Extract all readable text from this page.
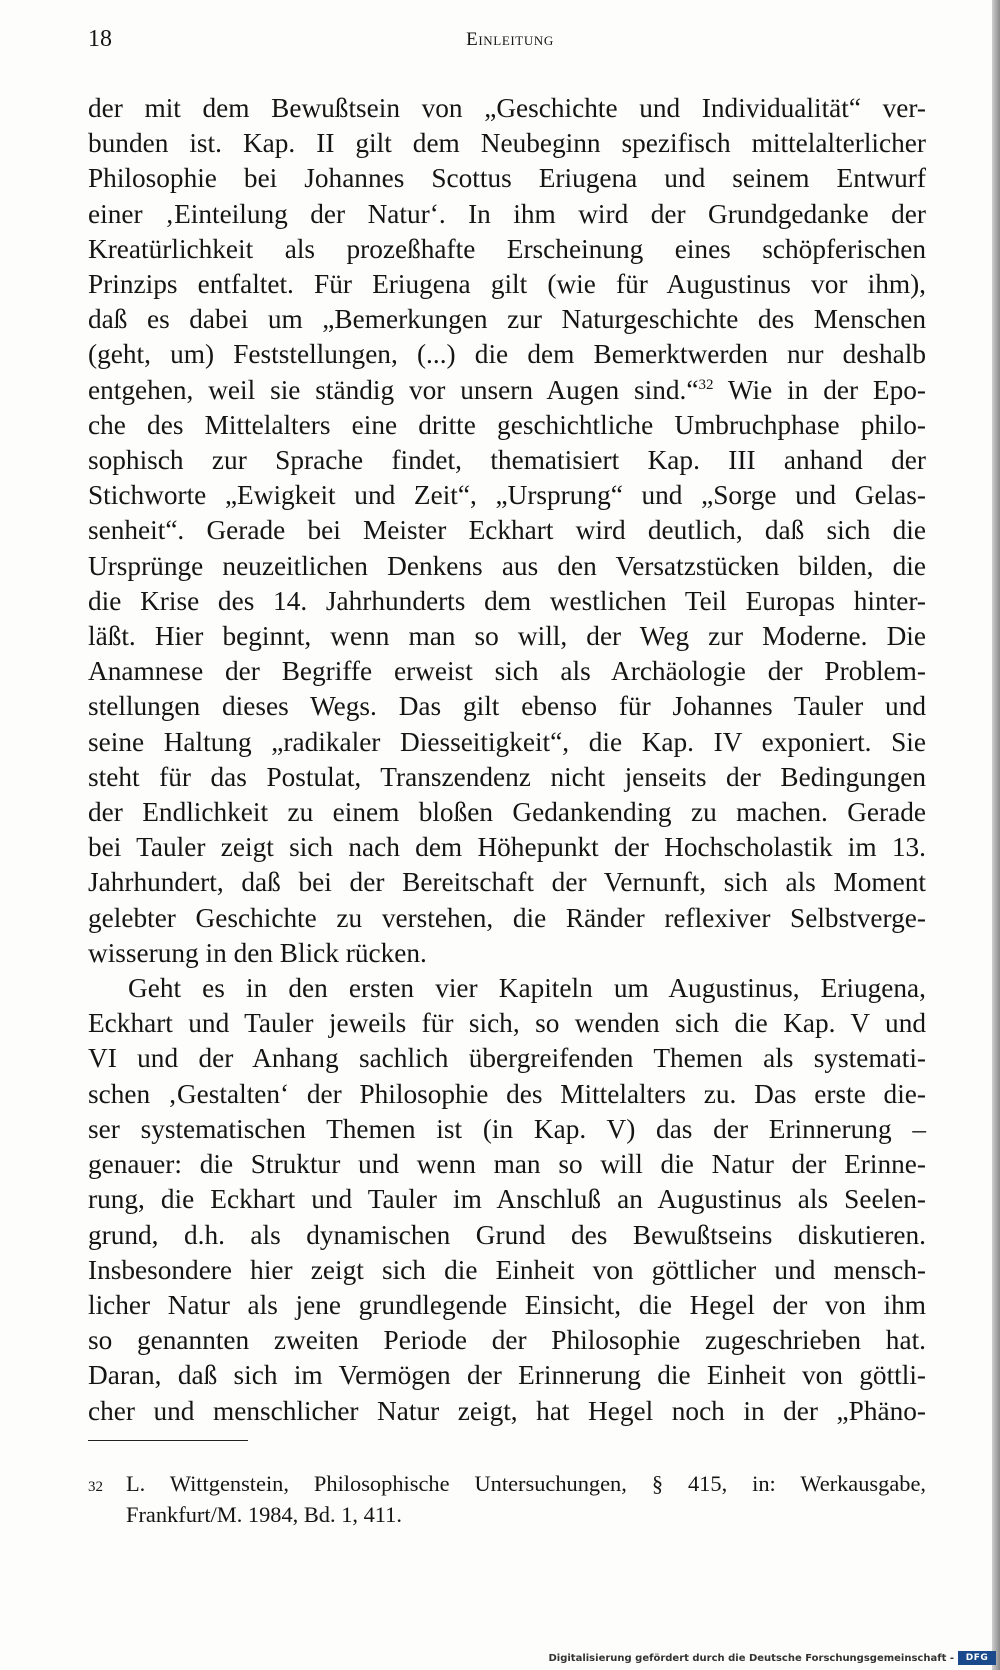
18	Einleitung
der mit dem Bewußtsein von „Geschichte und Individualität“ ver-
bunden ist. Kap. II gilt dem Neubeginn spezifisch mittelalterlicher
Philosophie bei Johannes Scottus Eriugena und seinem Entwurf
einer ‚Einteilung der Natur‘. In ihm wird der Grundgedanke der
Kreatürlichkeit als prozeßhafte Erscheinung eines schöpferischen
Prinzips entfaltet. Für Eriugena gilt (wie für Augustinus vor ihm),
daß es dabei um „Bemerkungen zur Naturgeschichte des Menschen
(geht, um) Feststellungen, (...) die dem Bemerktwerden nur deshalb
entgehen, weil sie ständig vor unsern Augen sind.“$^{32}$ Wie in der Epo-
che des Mittelalters eine dritte geschichtliche Umbruchphase philo-
sophisch zur Sprache findet, thematisiert Kap. III anhand der
Stichworte „Ewigkeit und Zeit“, „Ursprung“ und „Sorge und Gelas-
senheit“. Gerade bei Meister Eckhart wird deutlich, daß sich die
Ursprünge neuzeitlichen Denkens aus den Versatzstücken bilden, die
die Krise des 14. Jahrhunderts dem westlichen Teil Europas hinter-
läßt. Hier beginnt, wenn man so will, der Weg zur Moderne. Die
Anamnese der Begriffe erweist sich als Archäologie der Problem-
stellungen dieses Wegs. Das gilt ebenso für Johannes Tauler und
seine Haltung „radikaler Diesseitigkeit“, die Kap. IV exponiert. Sie
steht für das Postulat, Transzendenz nicht jenseits der Bedingungen
der Endlichkeit zu einem bloßen Gedankending zu machen. Gerade
bei Tauler zeigt sich nach dem Höhepunkt der Hochscholastik im 13.
Jahrhundert, daß bei der Bereitschaft der Vernunft, sich als Moment
gelebter Geschichte zu verstehen, die Ränder reflexiver Selbstverge-
wisserung in den Blick rücken.
Geht es in den ersten vier Kapiteln um Augustinus, Eriugena,
Eckhart und Tauler jeweils für sich, so wenden sich die Kap. V und
VI und der Anhang sachlich übergreifenden Themen als systemati-
schen ‚Gestalten‘ der Philosophie des Mittelalters zu. Das erste die-
ser systematischen Themen ist (in Kap. V) das der Erinnerung –
genauer: die Struktur und wenn man so will die Natur der Erinne-
rung, die Eckhart und Tauler im Anschluß an Augustinus als Seelen-
grund, d.h. als dynamischen Grund des Bewußtseins diskutieren.
Insbesondere hier zeigt sich die Einheit von göttlicher und mensch-
licher Natur als jene grundlegende Einsicht, die Hegel der von ihm
so genannten zweiten Periode der Philosophie zugeschrieben hat.
Daran, daß sich im Vermögen der Erinnerung die Einheit von göttli-
cher und menschlicher Natur zeigt, hat Hegel noch in der „Phäno-
32	L. Wittgenstein, Philosophische Untersuchungen, § 415, in: Werkausgabe,
Frankfurt/M. 1984, Bd. 1, 411.
Digitalisierung gefördert durch die Deutsche Forschungsgemeinschaft -	DFG
